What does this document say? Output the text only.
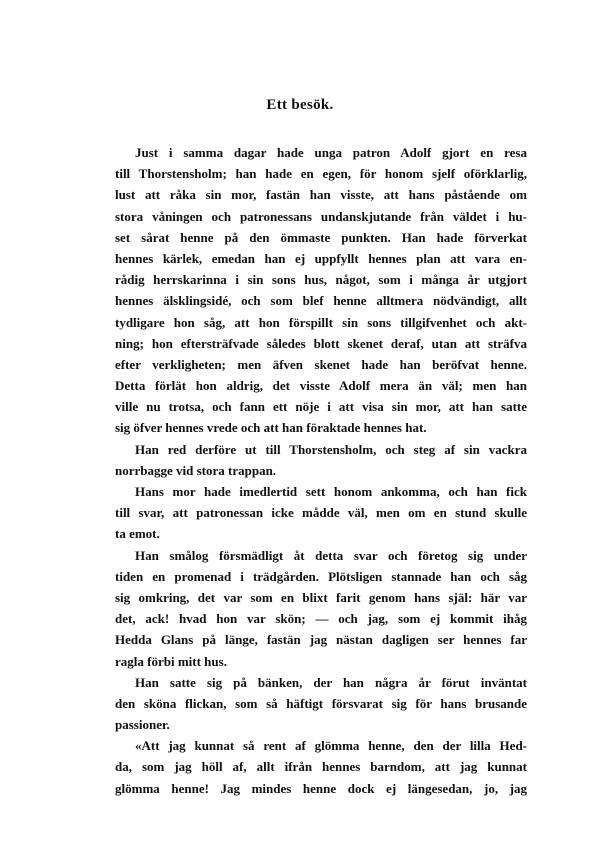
Ett besök.
Just i samma dagar hade unga patron Adolf gjort en resa
till Thorstensholm; han hade en egen, för honom sjelf oförklarlig,
lust att råka sin mor, fastän han visste, att hans påstående om
stora våningen och patronessans undanskjutande från väldet i hu-
set sårat henne på den ömmaste punkten. Han hade förverkat
hennes kärlek, emedan han ej uppfyllt hennes plan att vara en-
rådig herrskarinna i sin sons hus, något, som i många år utgjort
hennes älsklingsidé, och som blef henne alltmera nödvändigt, allt
tydligare hon såg, att hon förspillt sin sons tillgifvenhet och akt-
ning; hon eftersträfvade således blott skenet deraf, utan att sträfva
efter verkligheten; men äfven skenet hade han beröfvat henne.
Detta förlät hon aldrig, det visste Adolf mera än väl; men han
ville nu trotsa, och fann ett nöje i att visa sin mor, att han satte
sig öfver hennes vrede och att han föraktade hennes hat.
Han red derföre ut till Thorstensholm, och steg af sin vackra
norrbagge vid stora trappan.
Hans mor hade imedlertid sett honom ankomma, och han fick
till svar, att patronessan icke mådde väl, men om en stund skulle
ta emot.
Han smålog försmädligt åt detta svar och företog sig under
tiden en promenad i trädgården. Plötsligen stannade han och såg
sig omkring, det var som en blixt farit genom hans själ: här var
det, ack! hvad hon var skön; — och jag, som ej kommit ihåg
Hedda Glans på länge, fastän jag nästan dagligen ser hennes far
ragla förbi mitt hus.
Han satte sig på bänken, der han några år förut inväntat
den sköna flickan, som så häftigt försvarat sig för hans brusande
passioner.
«Att jag kunnat så rent af glömma henne, den der lilla Hed-
da, som jag höll af, allt ifrån hennes barndom, att jag kunnat
glömma henne! Jag mindes henne dock ej längesedan, jo, jag
